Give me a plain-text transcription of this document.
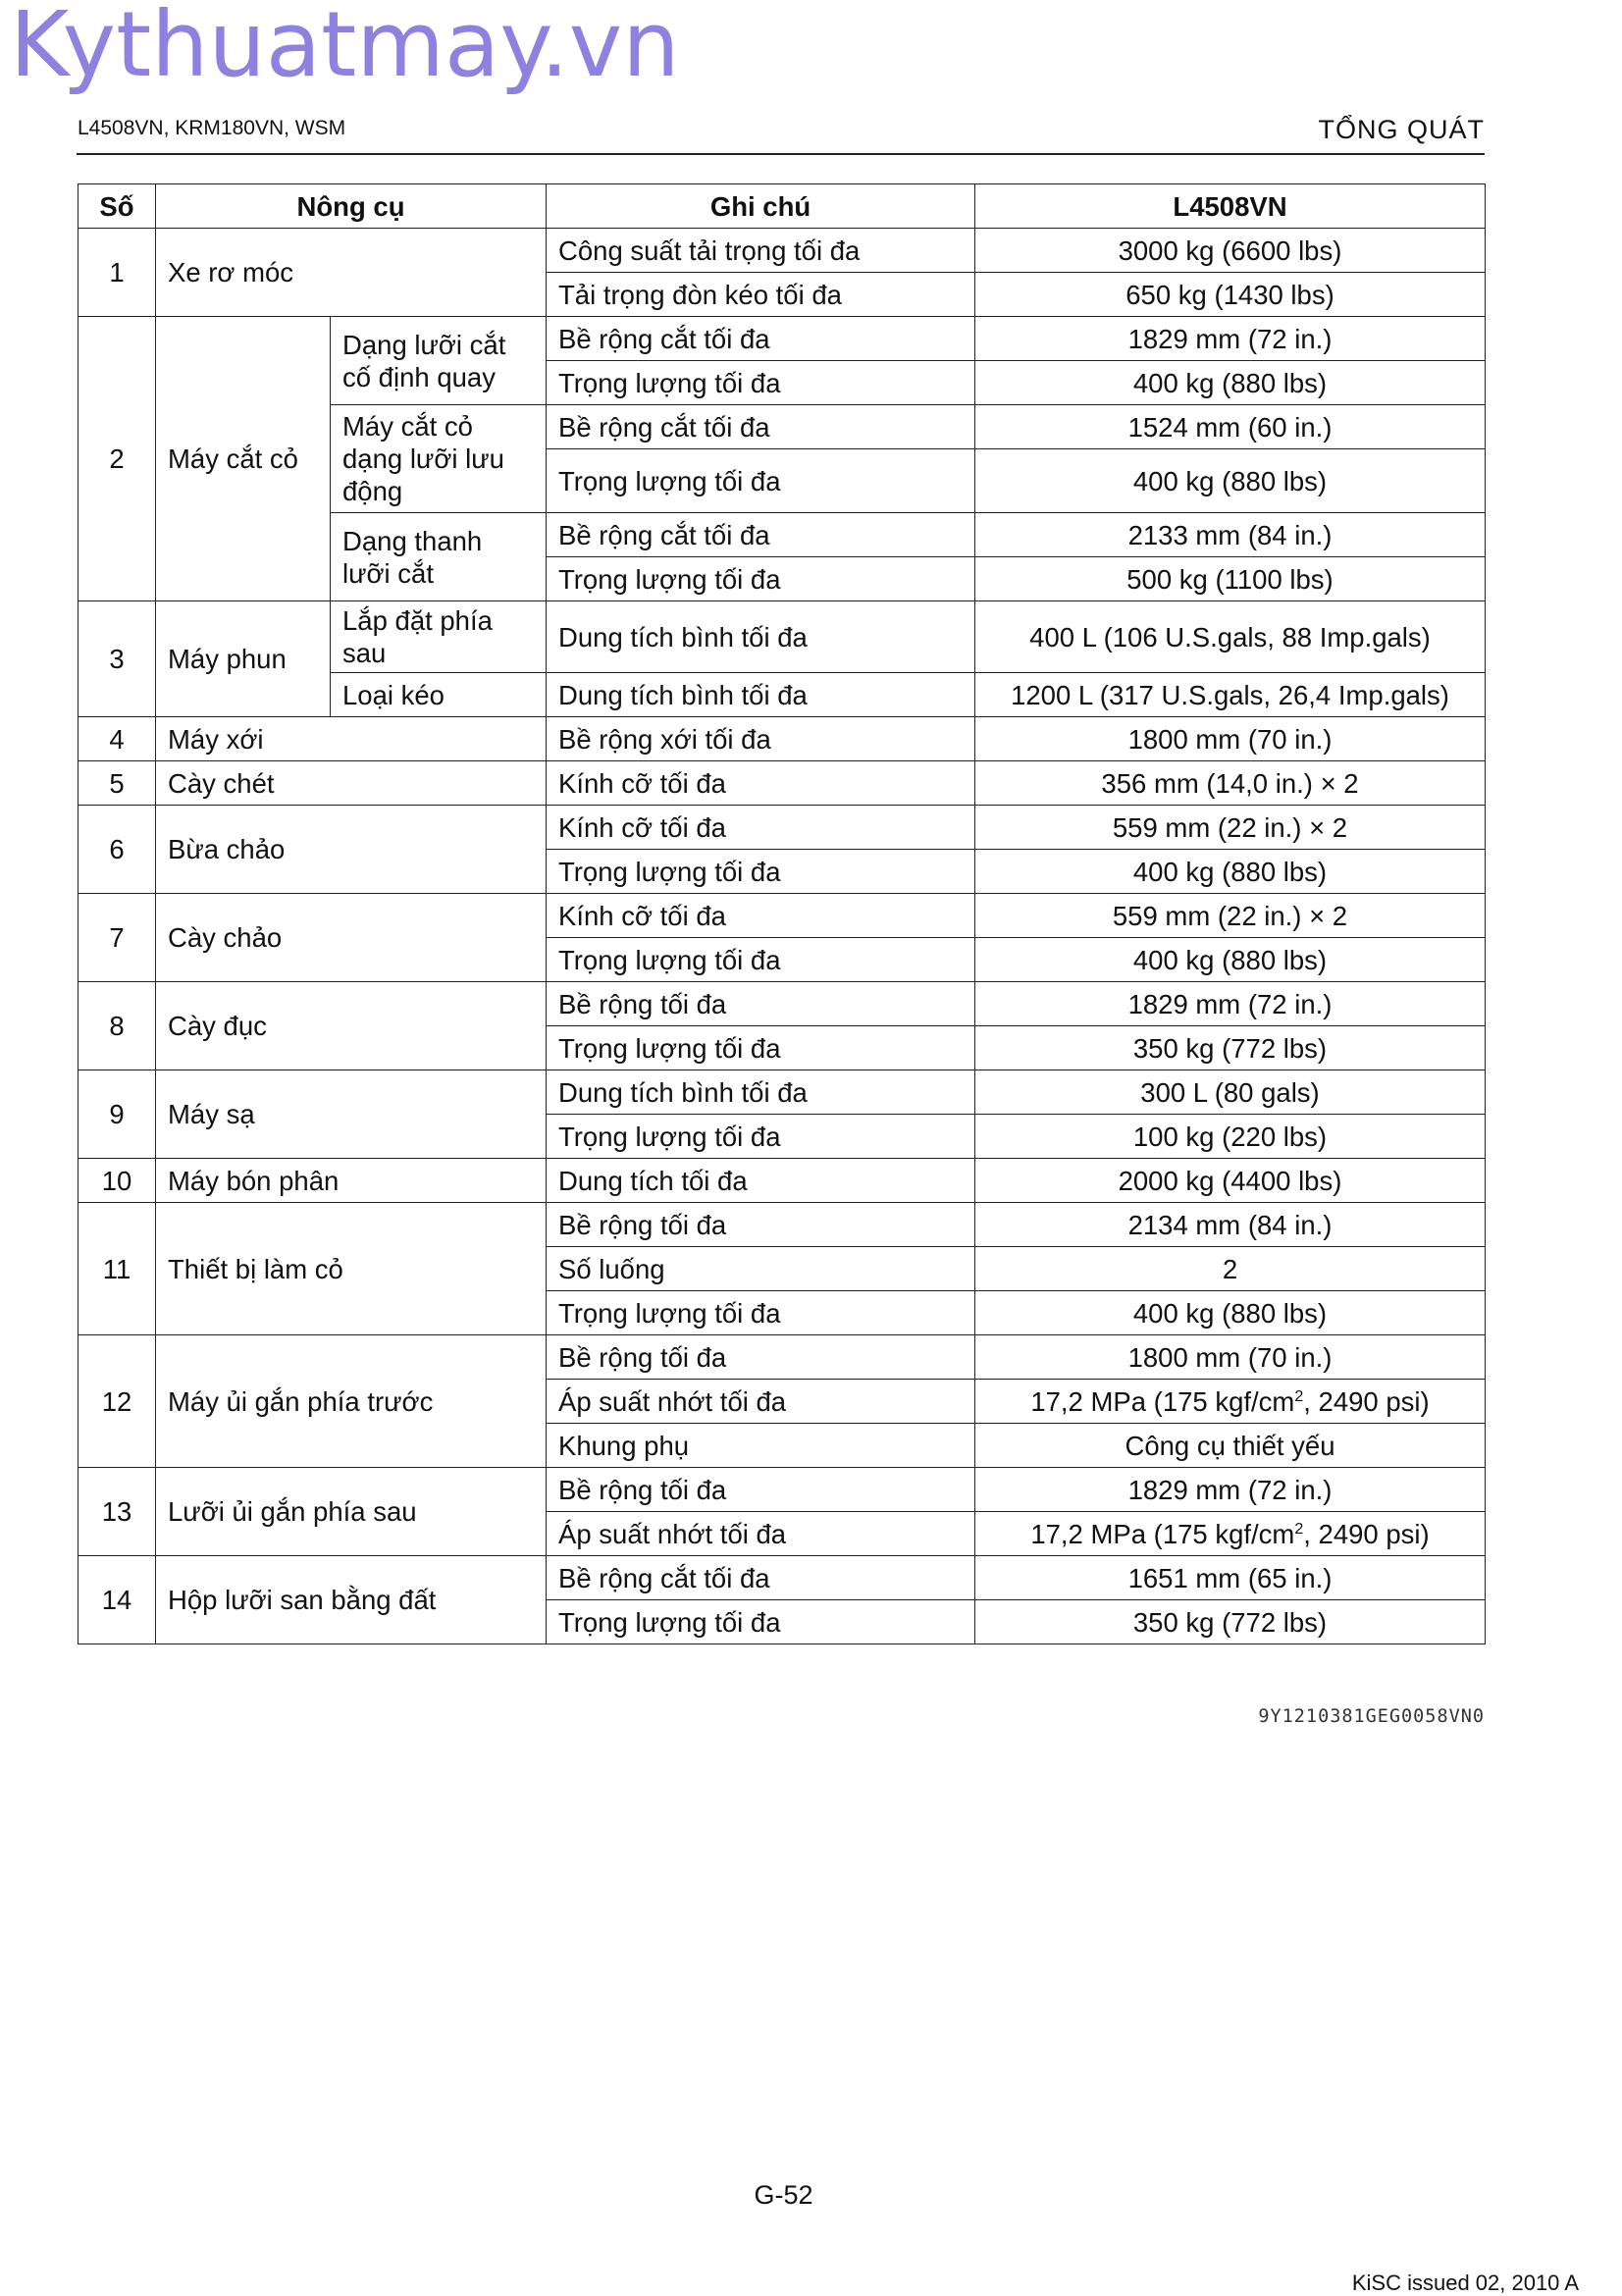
Kythuatmay.vn
L4508VN, KRM180VN, WSM	TỔNG QUÁT
Số	Nông cụ		Ghi chú	L4508VN
1	Xe rơ móc		Công suất tải trọng tối đa	3000 kg (6600 lbs)
			Tải trọng đòn kéo tối đa	650 kg (1430 lbs)
2	Máy cắt cỏ	Dạng lưỡi cắt cố định quay	Bề rộng cắt tối đa	1829 mm (72 in.)
			Trọng lượng tối đa	400 kg (880 lbs)
		Máy cắt cỏ dạng lưỡi lưu động	Bề rộng cắt tối đa	1524 mm (60 in.)
			Trọng lượng tối đa	400 kg (880 lbs)
		Dạng thanh lưỡi cắt	Bề rộng cắt tối đa	2133 mm (84 in.)
			Trọng lượng tối đa	500 kg (1100 lbs)
3	Máy phun	Lắp đặt phía sau	Dung tích bình tối đa	400 L (106 U.S.gals, 88 Imp.gals)
		Loại kéo	Dung tích bình tối đa	1200 L (317 U.S.gals, 26,4 Imp.gals)
4	Máy xới		Bề rộng xới tối đa	1800 mm (70 in.)
5	Cày chét		Kính cỡ tối đa	356 mm (14,0 in.) × 2
6	Bừa chảo		Kính cỡ tối đa	559 mm (22 in.) × 2
			Trọng lượng tối đa	400 kg (880 lbs)
7	Cày chảo		Kính cỡ tối đa	559 mm (22 in.) × 2
			Trọng lượng tối đa	400 kg (880 lbs)
8	Cày đục		Bề rộng tối đa	1829 mm (72 in.)
			Trọng lượng tối đa	350 kg (772 lbs)
9	Máy sạ		Dung tích bình tối đa	300 L (80 gals)
			Trọng lượng tối đa	100 kg (220 lbs)
10	Máy bón phân		Dung tích tối đa	2000 kg (4400 lbs)
11	Thiết bị làm cỏ		Bề rộng tối đa	2134 mm (84 in.)
			Số luống	2
			Trọng lượng tối đa	400 kg (880 lbs)
12	Máy ủi gắn phía trước		Bề rộng tối đa	1800 mm (70 in.)
			Áp suất nhớt tối đa	17,2 MPa (175 kgf/$cm^2$, 2490 psi)
			Khung phụ	Công cụ thiết yếu
13	Lưỡi ủi gắn phía sau		Bề rộng tối đa	1829 mm (72 in.)
			Áp suất nhớt tối đa	17,2 MPa (175 kgf/$cm^2$, 2490 psi)
14	Hộp lưỡi san bằng đất		Bề rộng cắt tối đa	1651 mm (65 in.)
			Trọng lượng tối đa	350 kg (772 lbs)
9Y1210381GEG0058VN0
G-52
KiSC issued 02, 2010 A
